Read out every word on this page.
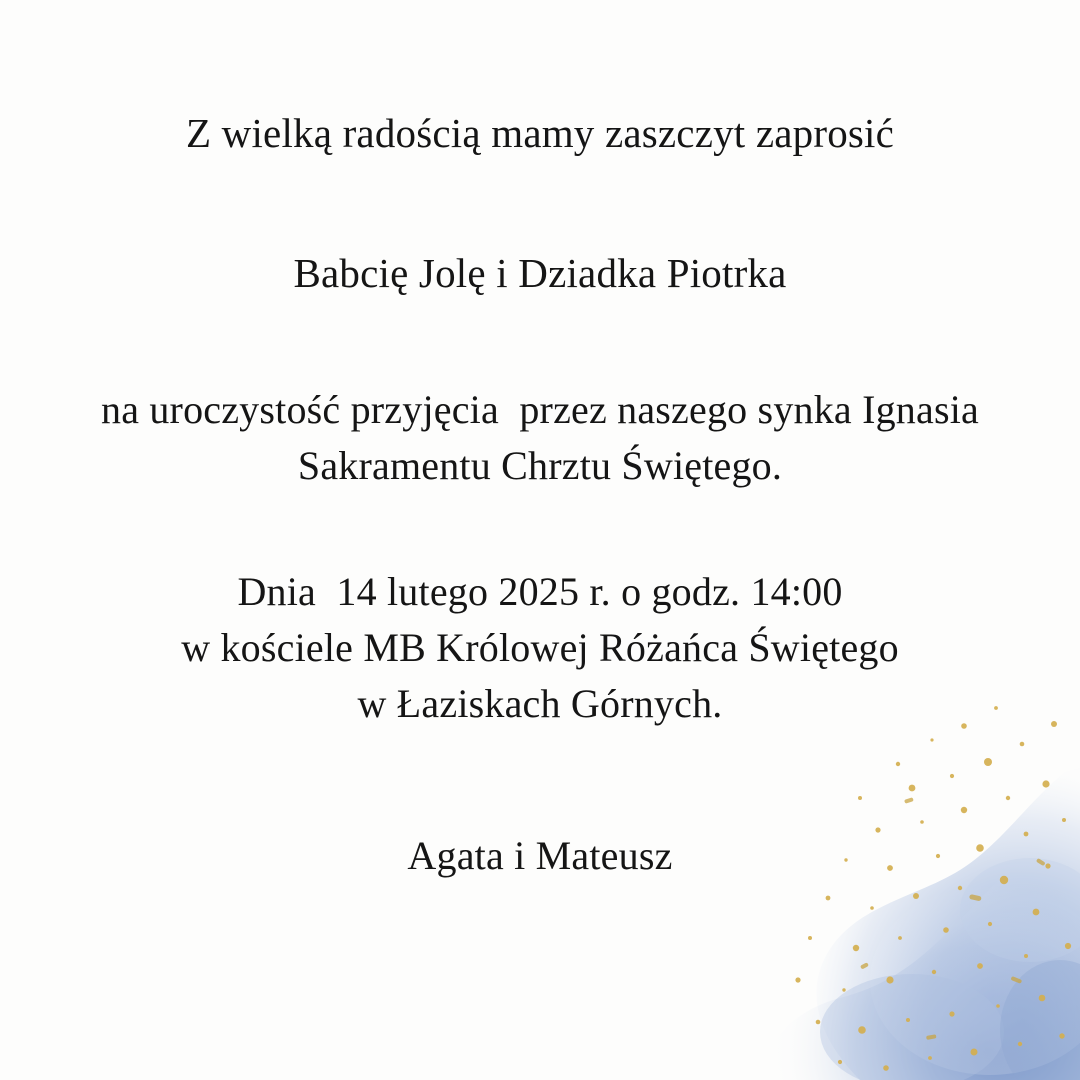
Z wielką radością mamy zaszczyt zaprosić
Babcię Jolę i Dziadka Piotrka
na uroczystość przyjęcia  przez naszego synka Ignasia
Sakramentu Chrztu Świętego.
Dnia  14 lutego 2025 r. o godz. 14:00
w kościele MB Królowej Różańca Świętego
w Łaziskach Górnych.
Agata i Mateusz
